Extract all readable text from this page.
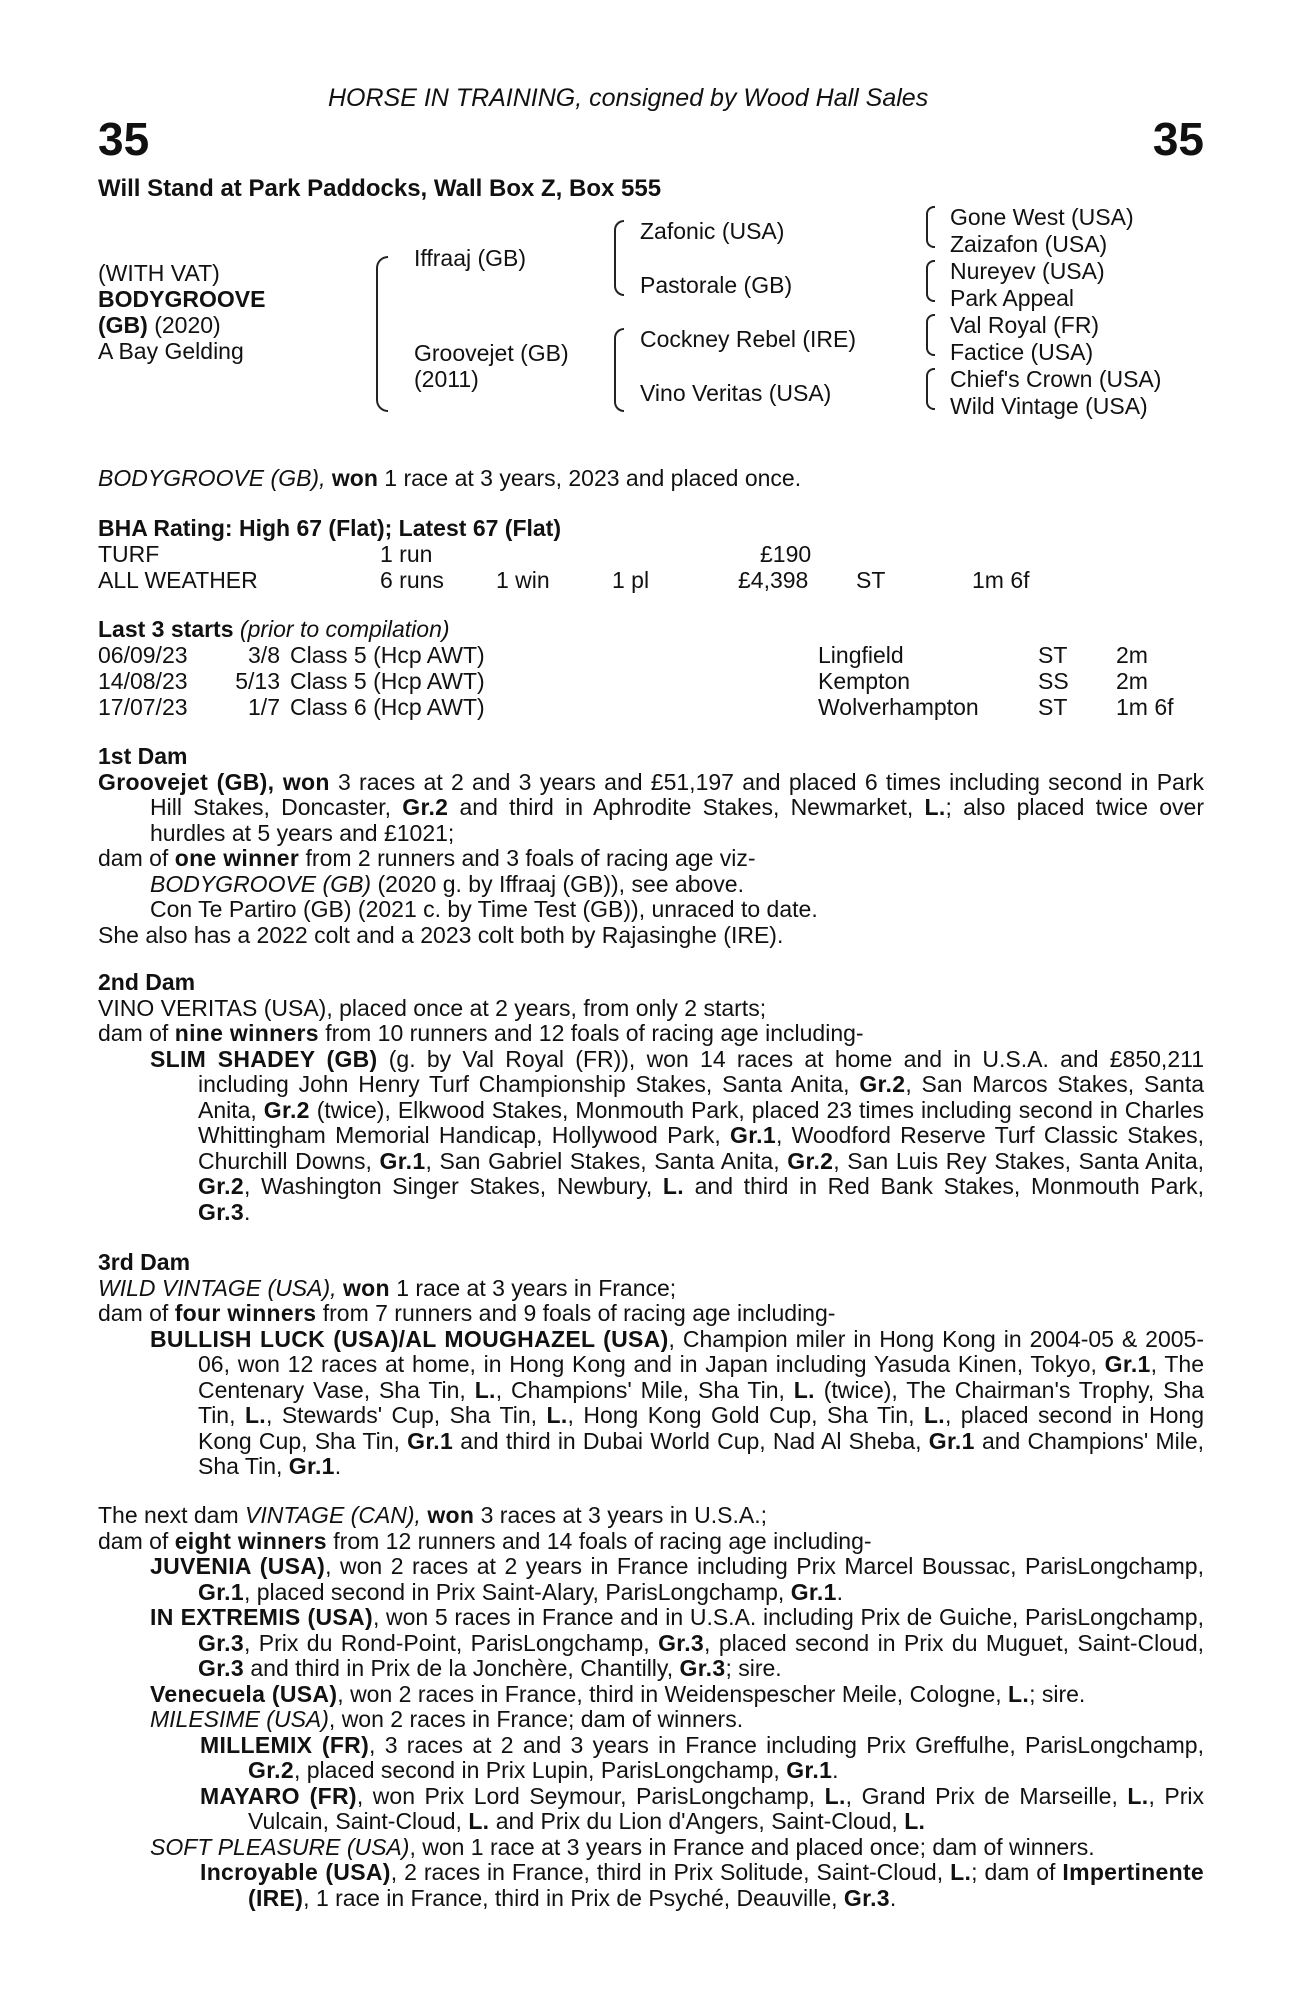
HORSE IN TRAINING, consigned by Wood Hall Sales
35	35
Will Stand at Park Paddocks, Wall Box Z, Box 555
(WITH VAT)
BODYGROOVE
(GB) (2020)
A Bay Gelding
Iffraaj (GB)
Groovejet (GB)
(2011)
Zafonic (USA)
Pastorale (GB)
Cockney Rebel (IRE)
Vino Veritas (USA)
Gone West (USA)
Zaizafon (USA)
Nureyev (USA)
Park Appeal
Val Royal (FR)
Factice (USA)
Chief's Crown (USA)
Wild Vintage (USA)
BODYGROOVE (GB), won 1 race at 3 years, 2023 and placed once.
BHA Rating: High 67 (Flat); Latest 67 (Flat)
TURF	1 run	£190
ALL WEATHER	6 runs 1 win	1 pl	£4,398 ST	1m 6f
Last 3 starts (prior to compilation)
06/09/23	3/8 Class 5 (Hcp AWT)	Lingfield	ST 2m
14/08/23 5/13 Class 5 (Hcp AWT)	Kempton	SS 2m
17/07/23	1/7 Class 6 (Hcp AWT)	Wolverhampton	ST 1m 6f
1st Dam
Groovejet (GB), won 3 races at 2 and 3 years and £51,197 and placed 6 times including second in Park Hill Stakes, Doncaster, Gr.2 and third in Aphrodite Stakes, Newmarket, L.; also placed twice over hurdles at 5 years and £1021;
dam of one winner from 2 runners and 3 foals of racing age viz-
BODYGROOVE (GB) (2020 g. by Iffraaj (GB)), see above.
Con Te Partiro (GB) (2021 c. by Time Test (GB)), unraced to date.
She also has a 2022 colt and a 2023 colt both by Rajasinghe (IRE).
2nd Dam
VINO VERITAS (USA), placed once at 2 years, from only 2 starts;
dam of nine winners from 10 runners and 12 foals of racing age including-
SLIM SHADEY (GB) (g. by Val Royal (FR)), won 14 races at home and in U.S.A. and £850,211 including John Henry Turf Championship Stakes, Santa Anita, Gr.2, San Marcos Stakes, Santa Anita, Gr.2 (twice), Elkwood Stakes, Monmouth Park, placed 23 times including second in Charles Whittingham Memorial Handicap, Hollywood Park, Gr.1, Woodford Reserve Turf Classic Stakes, Churchill Downs, Gr.1, San Gabriel Stakes, Santa Anita, Gr.2, San Luis Rey Stakes, Santa Anita, Gr.2, Washington Singer Stakes, Newbury, L. and third in Red Bank Stakes, Monmouth Park, Gr.3.
3rd Dam
WILD VINTAGE (USA), won 1 race at 3 years in France;
dam of four winners from 7 runners and 9 foals of racing age including-
BULLISH LUCK (USA)/AL MOUGHAZEL (USA), Champion miler in Hong Kong in 2004-05 & 2005-06, won 12 races at home, in Hong Kong and in Japan including Yasuda Kinen, Tokyo, Gr.1, The Centenary Vase, Sha Tin, L., Champions' Mile, Sha Tin, L. (twice), The Chairman's Trophy, Sha Tin, L., Stewards' Cup, Sha Tin, L., Hong Kong Gold Cup, Sha Tin, L., placed second in Hong Kong Cup, Sha Tin, Gr.1 and third in Dubai World Cup, Nad Al Sheba, Gr.1 and Champions' Mile, Sha Tin, Gr.1.
The next dam VINTAGE (CAN), won 3 races at 3 years in U.S.A.;
dam of eight winners from 12 runners and 14 foals of racing age including-
JUVENIA (USA), won 2 races at 2 years in France including Prix Marcel Boussac, ParisLongchamp, Gr.1, placed second in Prix Saint-Alary, ParisLongchamp, Gr.1.
IN EXTREMIS (USA), won 5 races in France and in U.S.A. including Prix de Guiche, ParisLongchamp, Gr.3, Prix du Rond-Point, ParisLongchamp, Gr.3, placed second in Prix du Muguet, Saint-Cloud, Gr.3 and third in Prix de la Jonchère, Chantilly, Gr.3; sire.
Venecuela (USA), won 2 races in France, third in Weidenspescher Meile, Cologne, L.; sire.
MILESIME (USA), won 2 races in France; dam of winners.
MILLEMIX (FR), 3 races at 2 and 3 years in France including Prix Greffulhe, ParisLongchamp, Gr.2, placed second in Prix Lupin, ParisLongchamp, Gr.1.
MAYARO (FR), won Prix Lord Seymour, ParisLongchamp, L., Grand Prix de Marseille, L., Prix Vulcain, Saint-Cloud, L. and Prix du Lion d'Angers, Saint-Cloud, L.
SOFT PLEASURE (USA), won 1 race at 3 years in France and placed once; dam of winners.
Incroyable (USA), 2 races in France, third in Prix Solitude, Saint-Cloud, L.; dam of Impertinente (IRE), 1 race in France, third in Prix de Psyché, Deauville, Gr.3.
